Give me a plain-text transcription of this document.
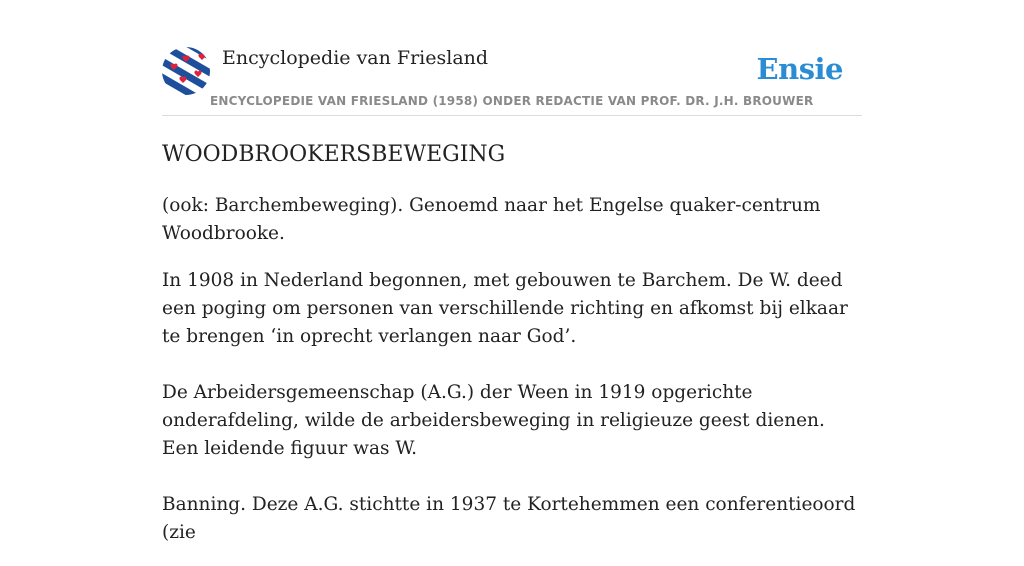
Encyclopedie van Friesland	Ensie
ENCYCLOPEDIE VAN FRIESLAND (1958) ONDER REDACTIE VAN PROF. DR. J.H. BROUWER
WOODBROOKERSBEWEGING

(ook: Barchembeweging). Genoemd naar het Engelse quaker-centrum Woodbrooke.

In 1908 in Nederland begonnen, met gebouwen te Barchem. De W. deed een poging om personen van verschillende richting en afkomst bij elkaar te brengen ‘in oprecht verlangen naar God’.

De Arbeidersgemeenschap (A.G.) der Ween in 1919 opgerichte onderafdeling, wilde de arbeidersbeweging in religieuze geest dienen. Een leidende figuur was W.

Banning. Deze A.G. stichtte in 1937 te Kortehemmen een conferentieoord (zie
